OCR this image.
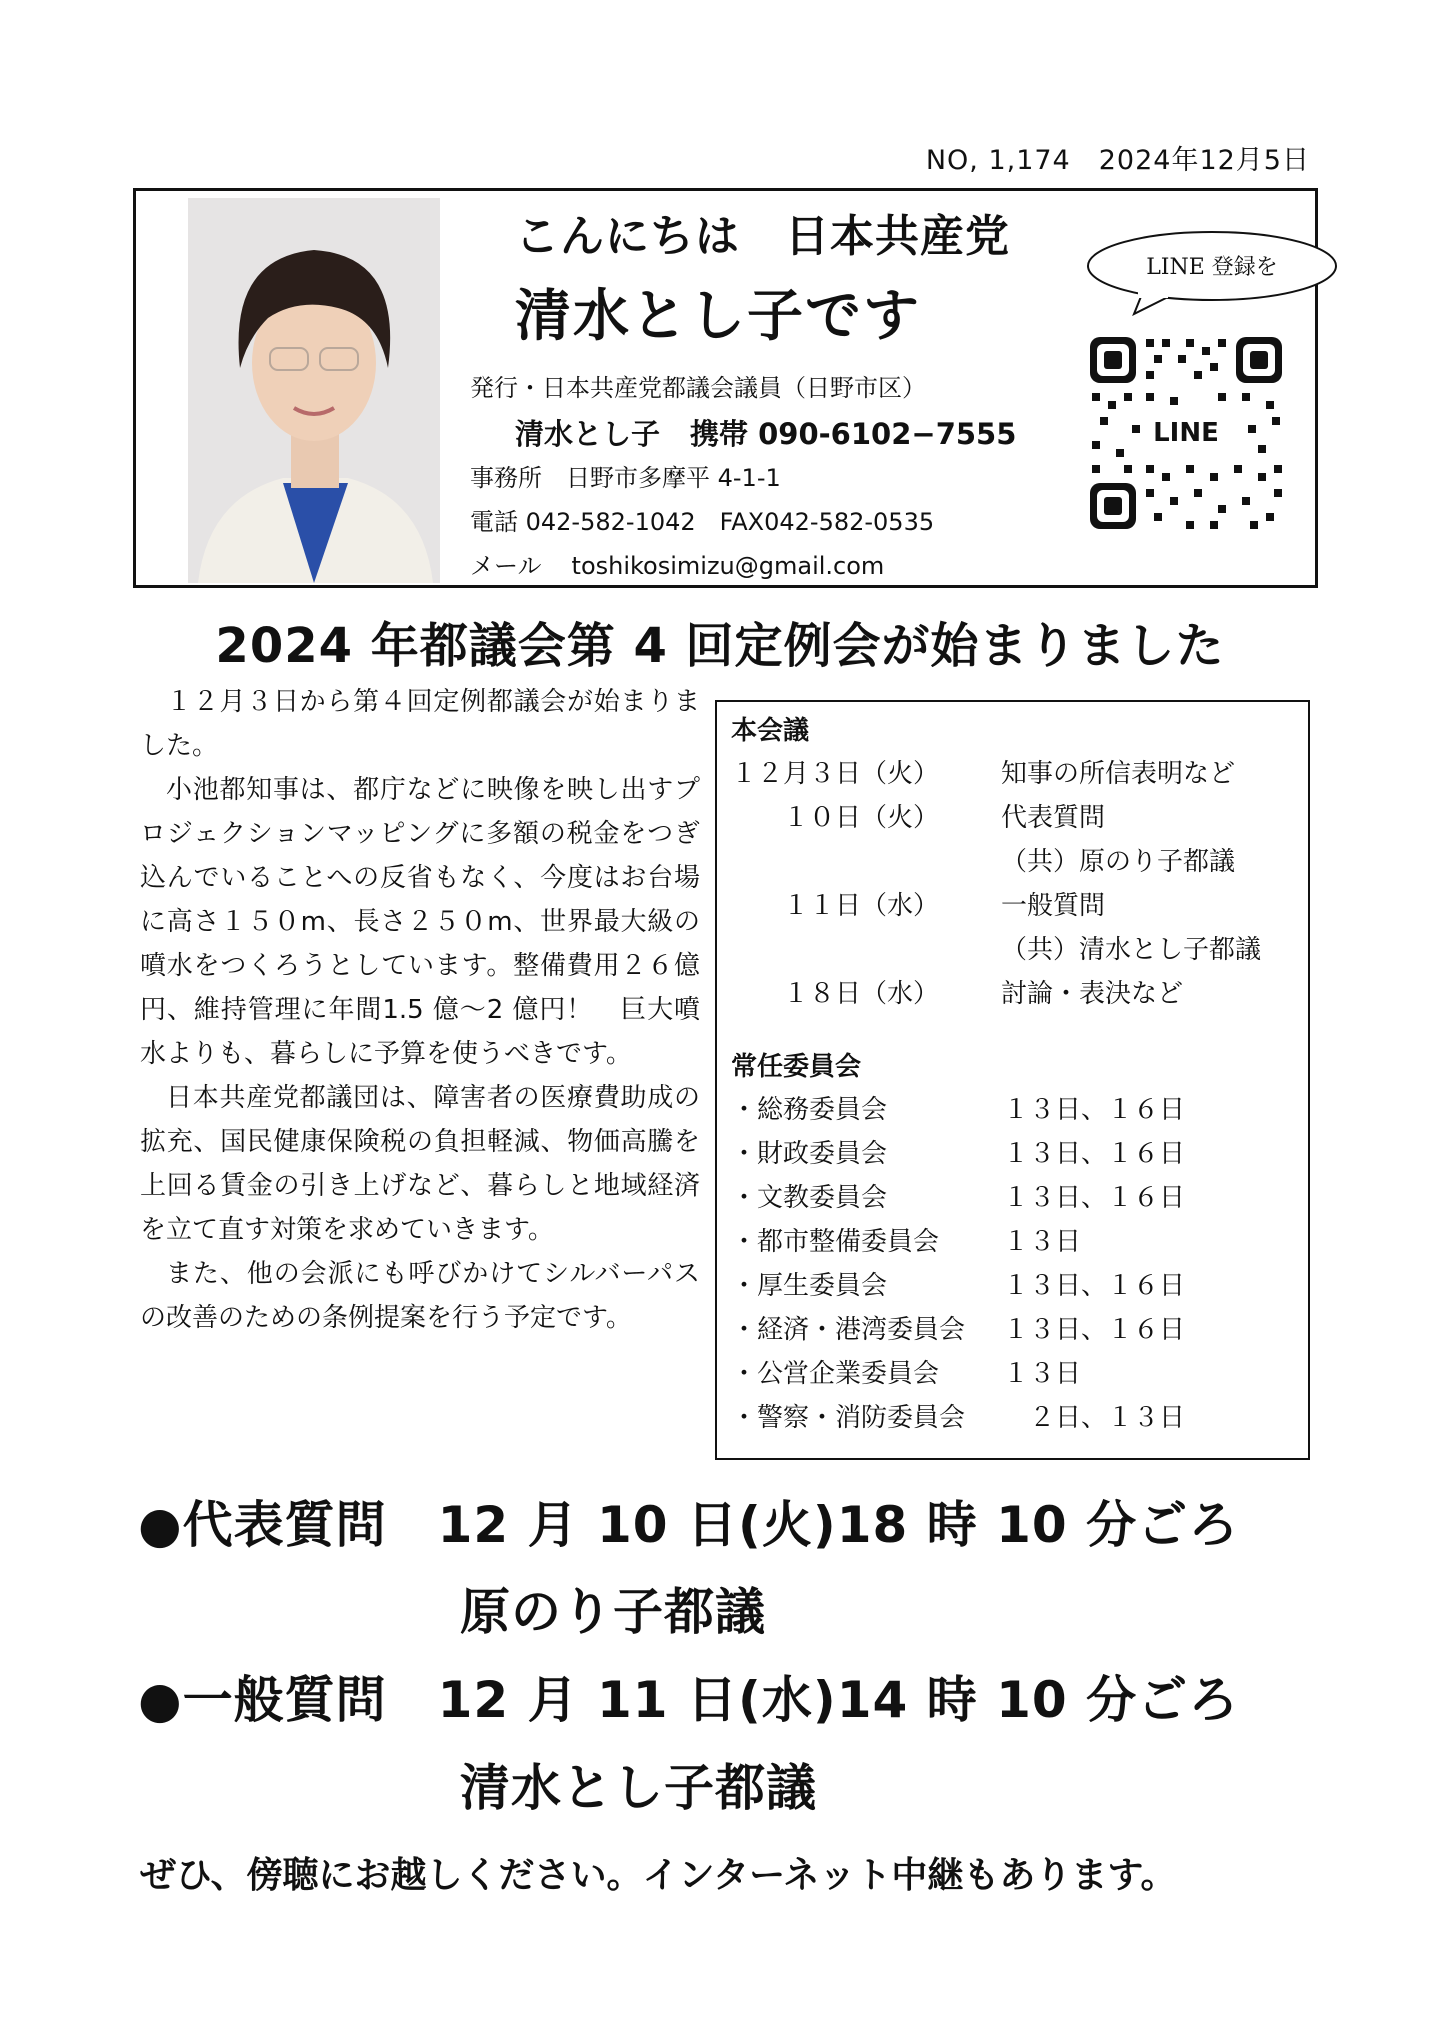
NO, 1,174　2024年12月5日
こんにちは　日本共産党
清水とし子です
発行・日本共産党都議会議員（日野市区）
清水とし子 携帯 090-6102−7555
事務所　日野市多摩平 4-1-1
電話 042-582-1042　FAX042-582-0535
メール toshikosimizu@gmail.com
LINE 登録を
LINE
2024 年都議会第 4 回定例会が始まりました

１２月３日から第４回定例都議会が始まりました。

小池都知事は、都庁などに映像を映し出すプロジェクションマッピングに多額の税金をつぎ込んでいることへの反省もなく、今度はお台場に高さ１５０m、長さ２５０m、世界最大級の噴水をつくろうとしています。整備費用２６億円、維持管理に年間1.5 億～2 億円！　巨大噴水よりも、暮らしに予算を使うべきです。

日本共産党都議団は、障害者の医療費助成の拡充、国民健康保険税の負担軽減、物価高騰を上回る賃金の引き上げなど、暮らしと地域経済を立て直す対策を求めていきます。

また、他の会派にも呼びかけてシルバーパスの改善のための条例提案を行う予定です。

本会議
１２月３日（火）	知事の所信表明など
　　１０日（火）	代表質問
（共）原のり子都議
　　１１日（水）	一般質問
（共）清水とし子都議
　　１８日（水）	討論・表決など
常任委員会
・総務委員会	１３日、１６日
・財政委員会	１３日、１６日
・文教委員会	１３日、１６日
・都市整備委員会	１３日
・厚生委員会	１３日、１６日
・経済・港湾委員会	１３日、１６日
・公営企業委員会	１３日
・警察・消防委員会	　２日、１３日
●代表質問　12 月 10 日(火)18 時 10 分ごろ
原のり子都議
●一般質問　12 月 11 日(水)14 時 10 分ごろ
清水とし子都議
ぜひ、傍聴にお越しください。インターネット中継もあります。
